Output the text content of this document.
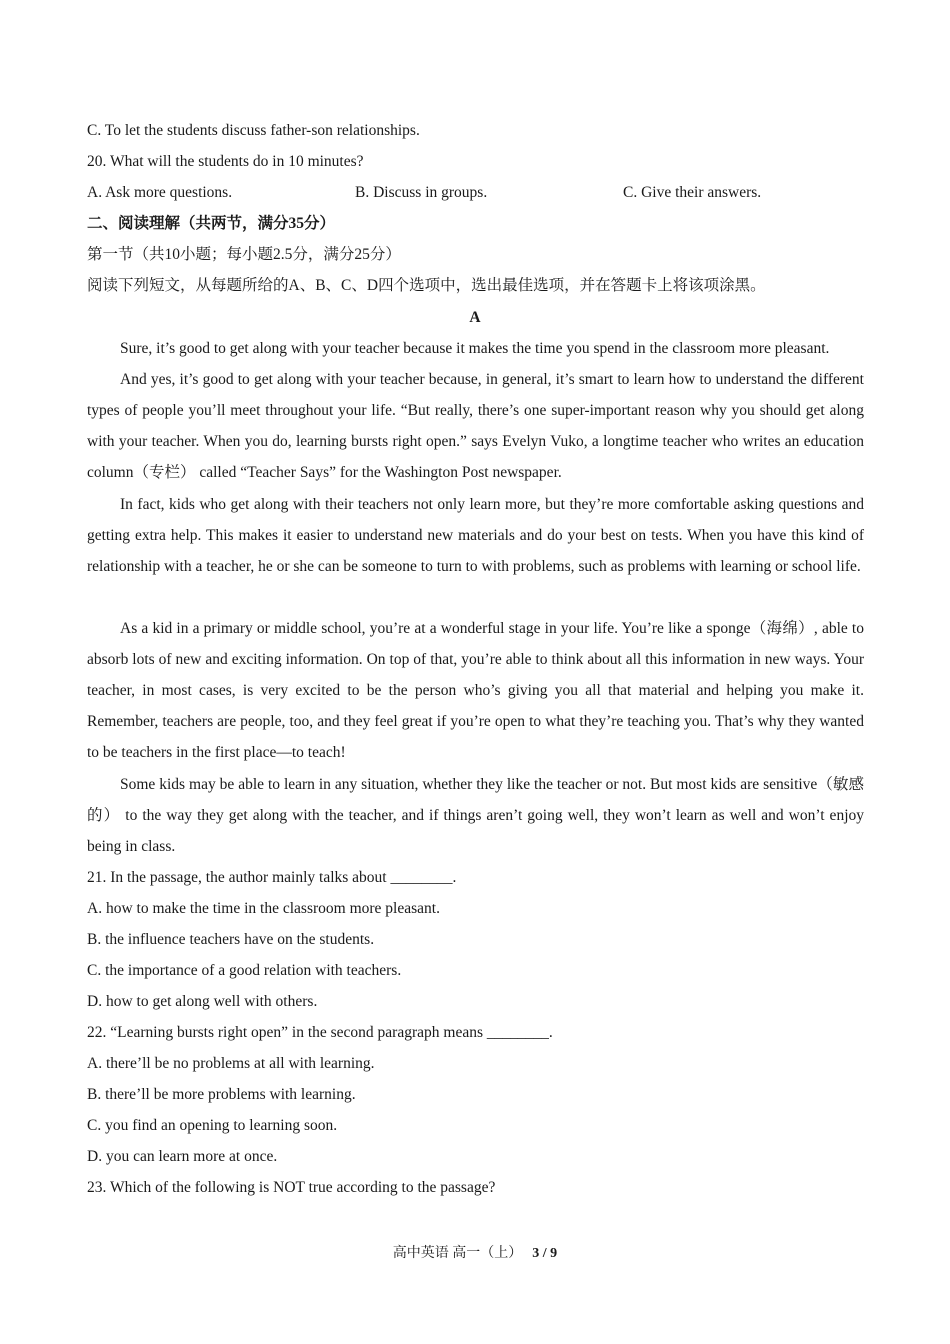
C. To let the students discuss father-son relationships.
20. What will the students do in 10 minutes?
A. Ask more questions.	B. Discuss in groups.	C. Give their answers.
二、阅读理解（共两节，满分35分）
第一节（共10小题；每小题2.5分，满分25分）
阅读下列短文，从每题所给的A、B、C、D四个选项中，选出最佳选项，并在答题卡上将该项涂黑。
A
Sure, it’s good to get along with your teacher because it makes the time you spend in the classroom more pleasant.
And yes, it’s good to get along with your teacher because, in general, it’s smart to learn how to understand the different types of people you’ll meet throughout your life. “But really, there’s one super-important reason why you should get along with your teacher. When you do, learning bursts right open.” says Evelyn Vuko, a longtime teacher who writes an education column（专栏） called “Teacher Says” for the Washington Post newspaper.
In fact, kids who get along with their teachers not only learn more, but they’re more comfortable asking questions and getting extra help. This makes it easier to understand new materials and do your best on tests. When you have this kind of relationship with a teacher, he or she can be someone to turn to with problems, such as problems with learning or school life.
As a kid in a primary or middle school, you’re at a wonderful stage in your life. You’re like a sponge（海绵）, able to absorb lots of new and exciting information. On top of that, you’re able to think about all this information in new ways. Your teacher, in most cases, is very excited to be the person who’s giving you all that material and helping you make it. Remember, teachers are people, too, and they feel great if you’re open to what they’re teaching you. That’s why they wanted to be teachers in the first place—to teach!
Some kids may be able to learn in any situation, whether they like the teacher or not. But most kids are sensitive（敏感的） to the way they get along with the teacher, and if things aren’t going well, they won’t learn as well and won’t enjoy being in class.
21. In the passage, the author mainly talks about ________.
A. how to make the time in the classroom more pleasant.
B. the influence teachers have on the students.
C. the importance of a good relation with teachers.
D. how to get along well with others.
22. “Learning bursts right open” in the second paragraph means ________.
A. there’ll be no problems at all with learning.
B. there’ll be more problems with learning.
C. you find an opening to learning soon.
D. you can learn more at once.
23. Which of the following is NOT true according to the passage?
高中英语 高一（上） 3 / 9
